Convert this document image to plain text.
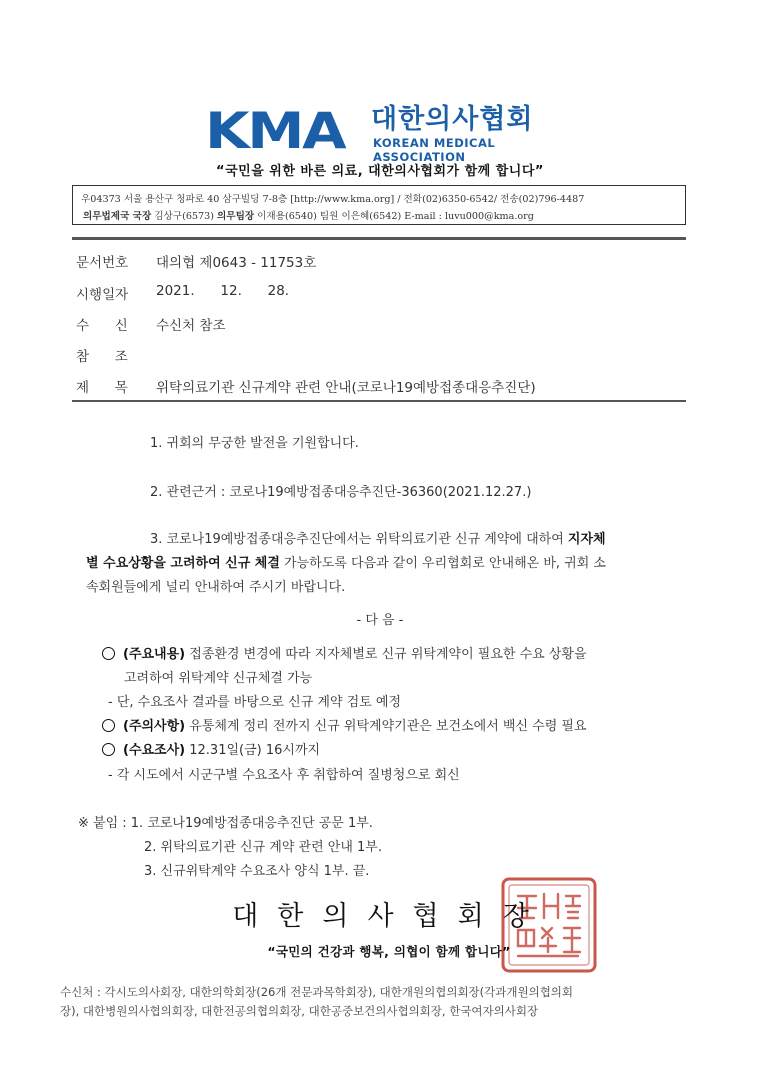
KMA 대한의사협회
KOREAN MEDICAL ASSOCIATION
“국민을 위한 바른 의료, 대한의사협회가 함께 합니다”
우04373 서울 용산구 청파로 40 삼구빌딩 7-8층 [http://www.kma.org] / 전화(02)6350-6542/ 전송(02)796-4487
의무법제국 국장 김상구(6573) 의무팀장 이재용(6540) 팀원 이은혜(6542) E-mail : luvu000@kma.org
문서번호 대의협 제0643 - 11753호
시행일자 2021.      12.      28.
수      신 수신처 참조
참      조
제      목 위탁의료기관 신규계약 관련 안내(코로나19예방접종대응추진단)
1. 귀회의 무궁한 발전을 기원합니다.
2. 관련근거 : 코로나19예방접종대응추진단-36360(2021.12.27.)
3. 코로나19예방접종대응추진단에서는 위탁의료기관 신규 계약에 대하여 지자체
별 수요상황을 고려하여 신규 체결 가능하도록 다음과 같이 우리협회로 안내해온 바, 귀회 소
속회원들에게 널리 안내하여 주시기 바랍니다.
- 다 음 -
(주요내용) 접종환경 변경에 따라 지자체별로 신규 위탁계약이 필요한 수요 상황을
고려하여 위탁계약 신규체결 가능
- 단, 수요조사 결과를 바탕으로 신규 계약 검토 예정
(주의사항) 유통체계 정리 전까지 신규 위탁계약기관은 보건소에서 백신 수령 필요
(수요조사) 12.31일(금) 16시까지
- 각 시도에서 시군구별 수요조사 후 취합하여 질병청으로 회신
※ 붙임 : 1. 코로나19예방접종대응추진단 공문 1부.
2. 위탁의료기관 신규 계약 관련 안내 1부.
3. 신규위탁계약 수요조사 양식 1부. 끝.
대한의사협회장
“국민의 건강과 행복, 의협이 함께 합니다”
수신처 : 각시도의사회장, 대한의학회장(26개 전문과목학회장), 대한개원의협의회장(각과개원의협의회
장), 대한병원의사협의회장, 대한전공의협의회장, 대한공중보건의사협의회장, 한국여자의사회장
